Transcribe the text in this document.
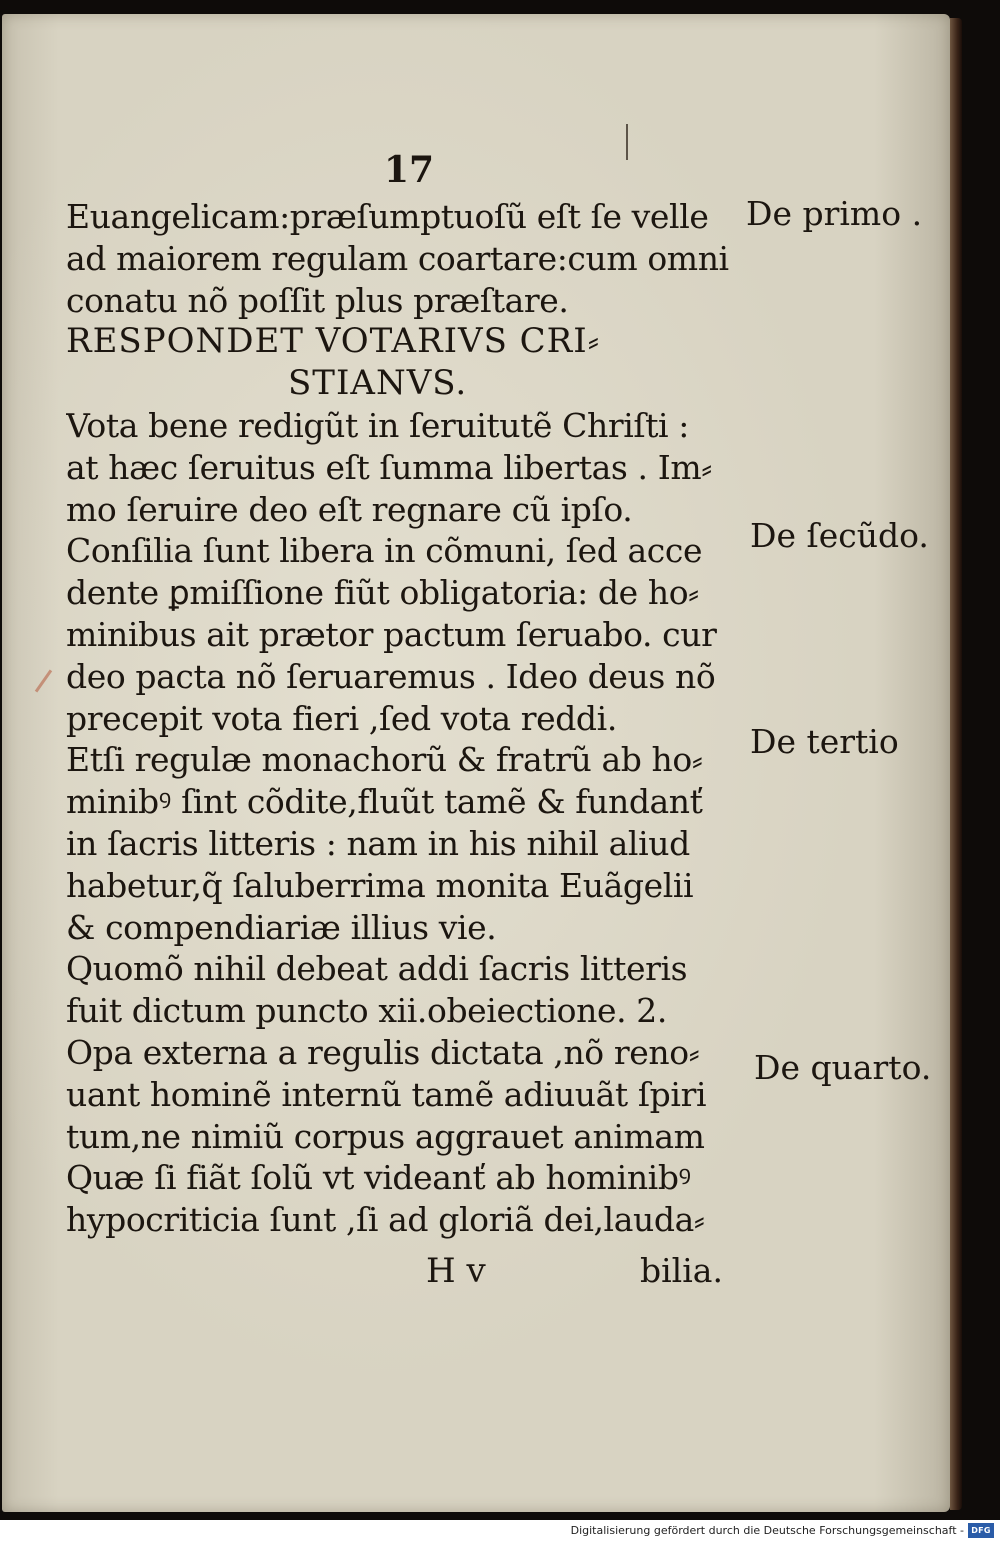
17
Euangelicam:præſumptuoſũ eſt ſe velle
ad maiorem regulam coartare:cum omni
conatu nõ poſſit plus præſtare.
RESPONDET VOTARIVS CRI⸗
STIANVS.
Vota bene redigũt in ſeruitutẽ Chriſti :
at hæc ſeruitus eſt ſumma libertas . Im⸗
mo ſeruire deo eſt regnare cũ ipſo.
Conſilia ſunt libera in cõmuni, ſed acce
dente ꝑmiſſione fiũt obligatoria: de ho⸗
minibus ait prætor pactum ſeruabo. cur
deo pacta nõ ſeruaremus . Ideo deus nõ
precepit vota fieri ,ſed vota reddi.
Etſi regulæ monachorũ & fratrũ ab ho⸗
minibꝰ ſint cõdite,fluũt tamẽ & fundanť
in ſacris litteris : nam in his nihil aliud
habetur,q̃ ſaluberrima monita Euãgelii
& compendiariæ illius vie.
Quomõ nihil debeat addi ſacris litteris
fuit dictum puncto xii.obeiectione. 2.
Opa externa a regulis dictata ,nõ reno⸗
uant hominẽ internũ tamẽ adiuuãt ſpiri
tum,ne nimiũ corpus aggrauet animam
Quæ ſi fiãt ſolũ vt videanť ab hominibꝰ
hypocriticia ſunt ,ſi ad gloriã dei,lauda⸗
De primo .
De ſecũdo.
De tertio
De quarto.
H v	bilia.
Digitalisierung gefördert durch die Deutsche Forschungsgemeinschaft - DFG
